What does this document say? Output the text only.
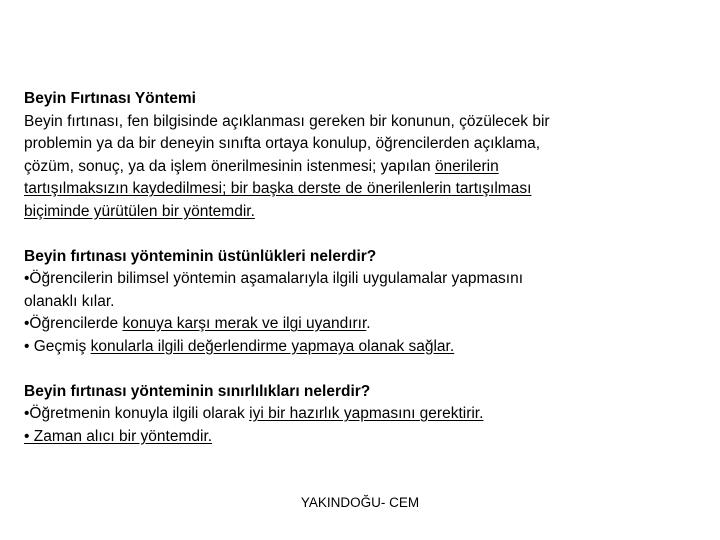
Beyin Fırtınası Yöntemi
Beyin fırtınası, fen bilgisinde açıklanması gereken bir konunun, çözülecek bir
problemin ya da bir deneyin sınıfta ortaya konulup, öğrencilerden açıklama,
çözüm, sonuç, ya da işlem önerilmesinin istenmesi; yapılan önerilerin
tartışılmaksızın kaydedilmesi; bir başka derste de önerilenlerin tartışılması
biçiminde yürütülen bir yöntemdir.
Beyin fırtınası yönteminin üstünlükleri nelerdir?
•Öğrencilerin bilimsel yöntemin aşamalarıyla ilgili uygulamalar yapmasını
olanaklı kılar.
•Öğrencilerde konuya karşı merak ve ilgi uyandırır.
• Geçmiş konularla ilgili değerlendirme yapmaya olanak sağlar.
Beyin fırtınası yönteminin sınırlılıkları nelerdir?
•Öğretmenin konuyla ilgili olarak iyi bir hazırlık yapmasını gerektirir.
• Zaman alıcı bir yöntemdir.
YAKINDOĞU- CEM
